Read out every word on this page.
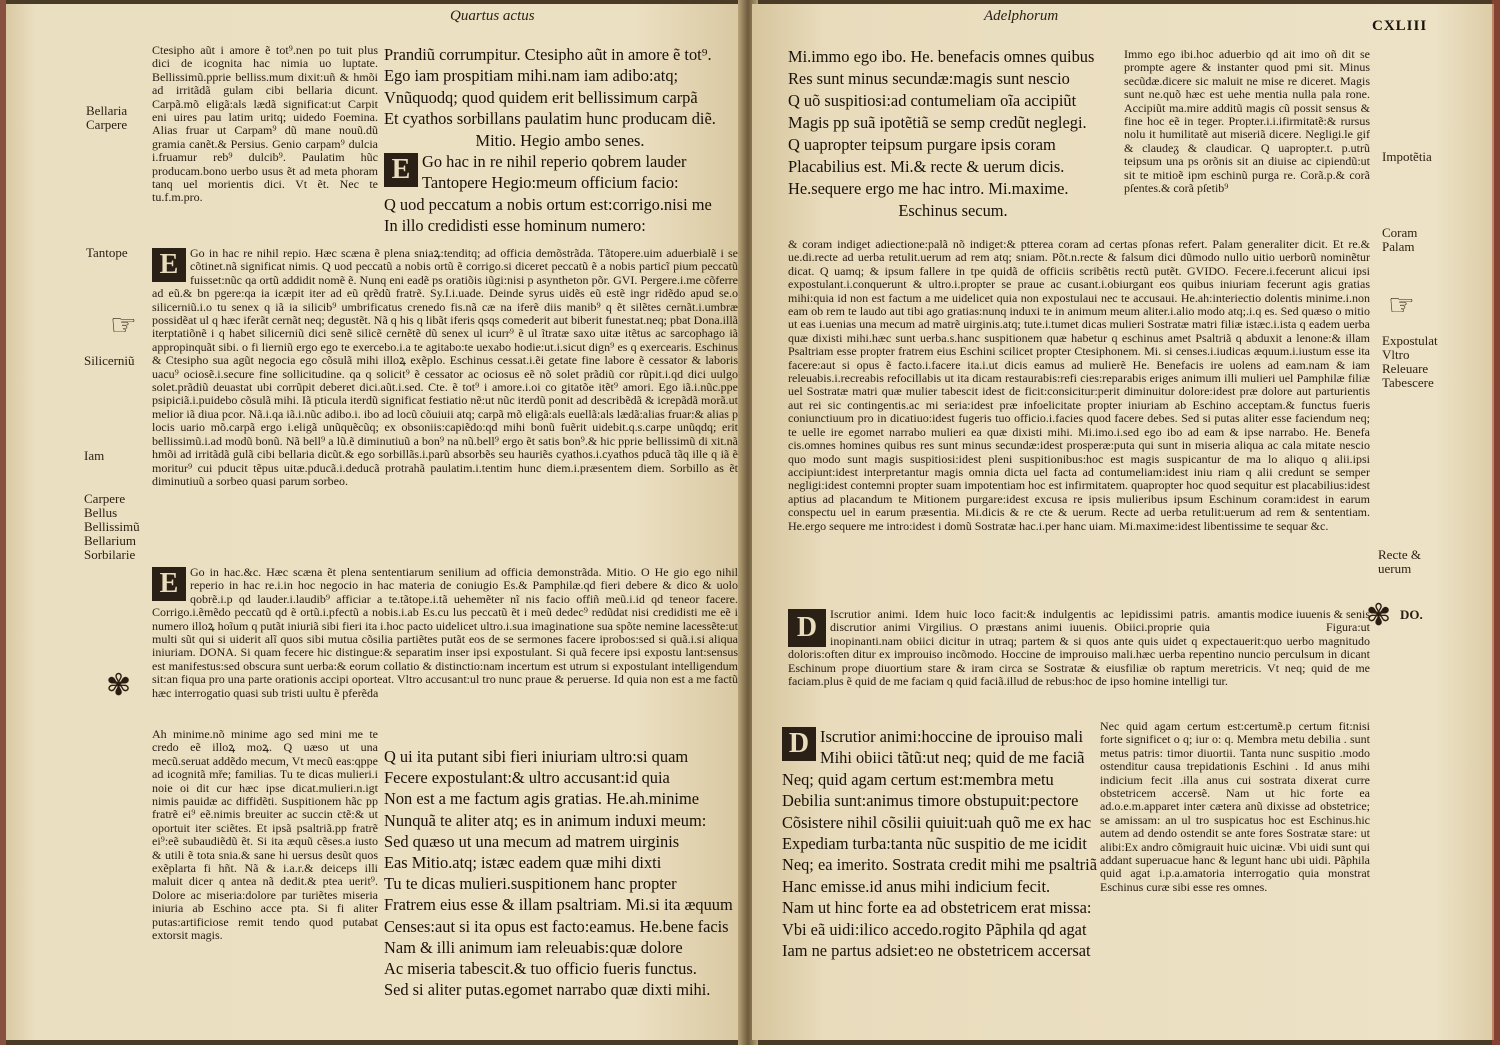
Quartus actus
Bellaria
Carpere
Tantope
☞
Silicerniũ
Iam
Carpere
Bellus
Bellissimũ
Bellarium
Sorbilarie
✾
Ctesipho aũt i amore ẽ tot⁹.nen po tuit plus dici de icognita hac nimia uo luptate. Bellissimũ.pprie belliss.mum dixit:uñ & hmõi ad irritãdã gulam cibi bellaria dicunt. Carpã.mõ eligã:als lædã significat:ut Carpit eni uires pau latim uritq; uidedo Foemina. Alias fruar ut Carpam⁹ dũ mane nouũ.dũ gramia canẽt.& Persius. Genio carpam⁹ dulcia i.fruamur reb⁹ dulcib⁹. Paulatim hũc producam.bono uerbo usus ẽt ad meta phoram tanq uel morientis dici. Vt ẽt. Nec te tu.f.m.pro.

Prandiũ corrumpitur. Ctesipho aũt in amore ẽ tot⁹.

Ego iam prospitiam mihi.nam iam adibo:atq;

Vnũquodq; quod quidem erit bellissimum carpã

Et cyathos sorbillans paulatim hunc producam diẽ.

Mitio. Hegio ambo senes.

E Go hac in re nihil reperio qobrem lauder

Tantopere Hegio:meum officium facio:

Q uod peccatum a nobis ortum est:corrigo.nisi me

In illo credidisti esse hominum numero:

E Go in hac re nihil repio. Hæc scæna ẽ plena sniaꝝ:tenditq; ad officia demõstrãda. Tãtopere.uim aduerbialẽ i se cõtinet.nã significat nimis. Q uod peccatũ a nobis ortũ ẽ corrigo.si diceret peccatũ ẽ a nobis particĩ pium peccatũ fuisset:nũc qa ortũ addidit nomẽ ẽ. Nunq eni eadẽ ps oratiõis iũgi:nisi p asyntheton põr. GVI. Pergere.i.me cõferre ad eũ.& bn pgere:qa ia icæpit iter ad eũ qrẽdũ fratrẽ. Sy.I.i.uade. Deinde syrus uidẽs eũ estẽ ingr ridẽdo apud se.o silicerniũ.i.o tu senex q iã ia silicib⁹ umbrificatus crenedo fis.nã cæ na iferẽ diis manib⁹ q ẽt silẽtes cernãt.i.umbræ possidẽat ul q hæc iferãt cernãt neq; degustẽt. Nã q his q libãt iferis qsqs comederit aut biberit funestat.neq; pbat Dona.illã iterptatiõnẽ i q habet silicerniũ dici senẽ silicẽ cernẽtẽ dũ senex ul icurr⁹ ẽ ul ĩtratæ saxo uitæ itẽtus ac sarcophago iã appropinquãt sibi. o fi lierniũ ergo ego te exercebo.i.a te agitabo:te uexabo hodie:ut.i.sicut dign⁹ es q exercearis. Eschinus & Ctesipho sua agũt negocia ego cõsulã mihi illoꝝ exẽplo. Eschinus cessat.i.ẽi getate fine labore ẽ cessator & laboris uacu⁹ ociosẽ.i.secure fine sollicitudine. qa q solicit⁹ ẽ cessator ac ociosus eẽ nõ solet prãdiũ cor rũpit.i.qd dici uulgo solet.prãdiũ deuastat ubi corrũpit deberet dici.aũt.i.sed. Cte. ẽ tot⁹ i amore.i.oi co gitatõe itẽt⁹ amori. Ego iã.i.nũc.ppe psipiciã.i.puidebo cõsulã mihi. Iã pticula iterdũ significat festiatio nẽ:ut nũc iterdũ ponit ad describẽdã & icrepãdã morã.ut melior iã diua pcor. Nã.i.qa iã.i.nũc adibo.i. ibo ad locũ cõuiuii atq; carpã mõ eligã:als euellã:als lædã:alias fruar:& alias p locis uario mõ.carpã ergo i.eligã unũquẽcũq; ex obsoniis:capiẽdo:qd mihi bonũ fuẽrit uidebit.q.s.carpe unũqdq; erit bellissimũ.i.ad modũ bonũ. Nã bell⁹ a lũ.ẽ diminutiuũ a bon⁹ na nũ.bell⁹ ergo ẽt satis bon⁹.& hic pprie bellissimũ di xit.nã hmõi ad irritãdã gulã cibi bellaria dicũt.& ego sorbillãs.i.parũ absorbẽs seu hauriẽs cyathos.i.cyathos pducã tãq ille q iã ẽ moritur⁹ cui pducit tẽpus uitæ.pducã.i.deducã protrahã paulatim.i.tentim hunc diem.i.præsentem diem. Sorbillo as ẽt diminutiuũ a sorbeo quasi parum sorbeo.

E Go in hac.&c. Hæc scæna ẽt plena sententiarum senilium ad officia demonstrãda. Mitio. O He gio ego nihil reperio in hac re.i.in hoc negocio in hac materia de coniugio Es.& Pamphilæ.qd fieri debere & dico & uolo qobrẽ.i.p qd lauder.i.laudib⁹ afficiar a te.tãtope.i.tã uehemẽter nĩ nis facio offiñ meũ.i.id qd teneor facere. Corrigo.i.ẽmẽdo peccatũ qd ẽ ortũ.i.pfectũ a nobis.i.ab Es.cu lus peccatũ ẽt i meũ dedec⁹ redũdat nisi credidisti me eẽ i numero illoꝝ hoĩum q putãt iniuriã sibi fieri ita i.hoc pacto uidelicet ultro.i.sua imaginatione sua spõte nemine lacessẽte:ut multi sũt qui si uiderit alĩ quos sibi mutua cõsilia partiẽtes putãt eos de se sermones facere iprobos:sed si quã.i.si aliqua iniuriam. DONA. Si quam fecere hic distingue:& separatim inser ipsi expostulant. Si quã fecere ipsi expostu lant:sensus est manifestus:sed obscura sunt uerba:& eorum collatio & distinctio:nam incertum est utrum si expostulant intelligendum sit:an fiqua pro una parte orationis accipi oporteat. Vltro accusant:ul tro nunc praue & peruerse. Id quia non est a me factũ hæc interrogatio quasi sub tristi uultu ẽ pferẽda

Ah minime.nõ minime ago sed mini me te credo eẽ illoꝝ moꝝ. Q uæso ut una mecũ.seruat addẽdo mecum, Vt mecũ eas:qppe ad icognitã mře; familias. Tu te dicas mulieri.i noie oi dit cur hæc ipse dicat.mulieri.n.igt nimis pauidæ ac diffidẽti. Suspitionem hãc pp fratrẽ ei⁹ eẽ.nimis breuiter ac succin ctẽ:& ut oportuit iter sciẽtes. Et ipsã psaltriã.pp fratrẽ ei⁹:eẽ subaudiẽdũ ẽt. Si ita æquũ cẽses.a iusto & utili ẽ tota snia.& sane hi uersus desũt quos exẽplarta fi hñt. Nã & i.a.r.& deiceps illi maluit dicer q antea nã dedit.& ptea uerit⁹. Dolore ac miseria:dolore par turiẽtes miseria iniuria ab Eschino acce pta. Si fi aliter putas:artificiose remit tendo quod putabat extorsit magis.

Q ui ita putant sibi fieri iniuriam ultro:si quam

Fecere expostulant:& ultro accusant:id quia

Non est a me factum agis gratias. He.ah.minime

Nunquã te aliter atq; es in animum induxi meum:

Sed quæso ut una mecum ad matrem uirginis

Eas Mitio.atq; istæc eadem quæ mihi dixti

Tu te dicas mulieri.suspitionem hanc propter

Fratrem eius esse & illam psaltriam. Mi.si ita æquum

Censes:aut si ita opus est facto:eamus. He.bene facis

Nam & illi animum iam releuabis:quæ dolore

Ac miseria tabescit.& tuo officio fueris functus.

Sed si aliter putas.egomet narrabo quæ dixti mihi.

Adelphorum
CXLIII

Mi.immo ego ibo. He. benefacis omnes quibus

Res sunt minus secundæ:magis sunt nescio

Q uõ suspitiosi:ad contumeliam oĩa accipiũt

Magis pp suã ipotẽtiã se semp credũt neglegi.

Q uapropter teipsum purgare ipsis coram

Placabilius est. Mi.& recte & uerum dicis.

He.sequere ergo me hac intro. Mi.maxime.

Eschinus secum.

Immo ego ibi.hoc aduerbio qd ait imo oñ dit se prompte agere & instanter quod pmi sit. Minus secũdæ.dicere sic maluit ne mise re diceret. Magis sunt ne.quõ hæc est uehe mentia nulla pala rone. Accipiũt ma.mire additũ magis cũ possit sensus & fine hoc eẽ in teger. Propter.i.i.ifirmitatẽ:& rursus nolu it humilitatẽ aut miseriã dicere. Negligi.le gif & claudeᵹ & claudicar. Q uapropter.t. p.utrũ teipsum una ps orõnis sit an diuise ac cipiendũ:ut sit te mitioẽ ipm eschinũ purga re. Corã.p.& corã pſentes.& corã pſetib⁹
Impotẽtia
Coram
Palam
☞
Expostulat
Vltro
Releuare
Tabescere
Recte &
uerum
✾ DO.
& coram indiget adiectione:palã nõ indiget:& ptterea coram ad certas pſonas refert. Palam generaliter dicit. Et re.& ue.di.recte ad uerba retulit.uerum ad rem atq; sniam. Põt.n.recte & falsum dici dũmodo nullo uitio uerborũ nominẽtur dicat. Q uamq; & ipsum fallere in tpe quidã de officiis scribẽtis rectũ putẽt. GVIDO. Fecere.i.fecerunt alicui ipsi expostulant.i.conquerunt & ultro.i.propter se praue ac cusant.i.obiurgant eos quibus iniuriam fecerunt agis gratias mihi:quia id non est factum a me uidelicet quia non expostulaui nec te accusaui. He.ah:interiectio dolentis minime.i.non eam ob rem te laudo aut tibi ago gratias:nunq induxi te in animum meum aliter.i.alio modo atq;.i.q es. Sed quæso o mitio ut eas i.uenias una mecum ad matrẽ uirginis.atq; tute.i.tumet dicas mulieri Sostratæ matri filiæ istæc.i.ista q eadem uerba quæ dixisti mihi.hæc sunt uerba.s.hanc suspitionem quæ habetur q eschinus amet Psaltriã q abduxit a lenone:& illam Psaltriam esse propter fratrem eius Eschini scilicet propter Ctesiphonem. Mi. si censes.i.iudicas æquum.i.iustum esse ita facere:aut si opus ẽ facto.i.facere ita.i.ut dicis eamus ad mulierẽ He. Benefacis ire uolens ad eam.nam & iam releuabis.i.recreabis refocillabis ut ita dicam restaurabis:refi cies:reparabis eriges animum illi mulieri uel Pamphilæ filiæ uel Sostratæ matri quæ mulier tabescit idest de ficit:consicitur:perit diminuitur dolore:idest præ dolore aut parturientis aut rei sic contingentis.ac mi seria:idest præ infoelicitate propter iniuriam ab Eschino acceptam.& functus fueris coniunctiuum pro in dicatiuo:idest fugeris tuo officio.i.facies quod facere debes. Sed si putas aliter esse faciendum neq; te uelle ire egomet narrabo mulieri ea quæ dixisti mihi. Mi.imo.i.sed ego ibo ad eam & ipse narrabo. He. Benefa cis.omnes homines quibus res sunt minus secundæ:idest prosperæ:puta qui sunt in miseria aliqua ac cala mitate nescio quo modo sunt magis suspitiosi:idest pleni suspitionibus:hoc est magis suspicantur de ma lo aliquo q alii.ipsi accipiunt:idest interpretantur magis omnia dicta uel facta ad contumeliam:idest iniu riam q alii credunt se semper negligi:idest contemni propter suam impotentiam hoc est infirmitatem. quapropter hoc quod sequitur est placabilius:idest aptius ad placandum te Mitionem purgare:idest excusa re ipsis mulieribus ipsum Eschinum coram:idest in earum conspectu uel in earum præsentia. Mi.dicis & re cte & uerum. Recte ad uerba retulit:uerum ad rem & sententiam. He.ergo sequere me intro:idest i domũ Sostratæ hac.i.per hanc uiam. Mi.maxime:idest libentissime te sequar &c.
D	amantis modice iuuenis & senis Figura:ut

Iscrutior animi. Idem huic loco facit:& indulgentis ac lepidissimi patris. discrutior animi Virgilius. O præstans animi iuuenis. Obiici.proprie quia inopinanti.nam obiici dicitur in utraq; partem & si quos ante quis uidet q expectauerit:quo uerbo magnitudo doloris:often ditur ex improuiso incõmodo. Hoccine de improuiso mali.hæc uerba repentino nuncio perculsum in dicant Eschinum prope diuortium stare & iram circa se Sostratæ & eiusfiliæ ob raptum meretricis. Vt neq; quid de me faciam.plus ẽ quid de me faciam q quid faciã.illud de rebus:hoc de ipso homine intelligi tur.

D Iscrutior animi:hoccine de iprouiso mali

Mihi obiici tãtũ:ut neq; quid de me faciã

Neq; quid agam certum est:membra metu

Debilia sunt:animus timore obstupuit:pectore

Cõsistere nihil cõsilii quiuit:uah quõ me ex hac

Expediam turba:tanta nũc suspitio de me icidit

Neq; ea imerito. Sostrata credit mihi me psaltriã

Hanc emisse.id anus mihi indicium fecit.

Nam ut hinc forte ea ad obstetricem erat missa:

Vbi eã uidi:ilico accedo.rogito Pãphila qd agat

Iam ne partus adsiet:eo ne obstetricem accersat

Nec quid agam certum est:certumẽ.p certum fit:nisi forte significet o q; iur o: q. Membra metu debilia . sunt metus patris: timor diuortii. Tanta nunc suspitio .modo ostenditur causa trepidationis Eschini . Id anus mihi indicium fecit .illa anus cui sostrata dixerat curre obstetricem accersẽ. Nam ut hic forte ea ad.o.e.m.apparet inter cætera anũ dixisse ad obstetrice; se amissam: an ul tro suspicatus hoc est Eschinus.hic autem ad dendo ostendit se ante fores Sostratæ stare: ut alibi:Ex andro cõmigrauit huic uicinæ. Vbi uidi sunt qui addant superuacue hanc & legunt hanc ubi uidi. Pãphila quid agat i.p.a.amatoria interrogatio quia monstrat Eschinus curæ sibi esse res omnes.
